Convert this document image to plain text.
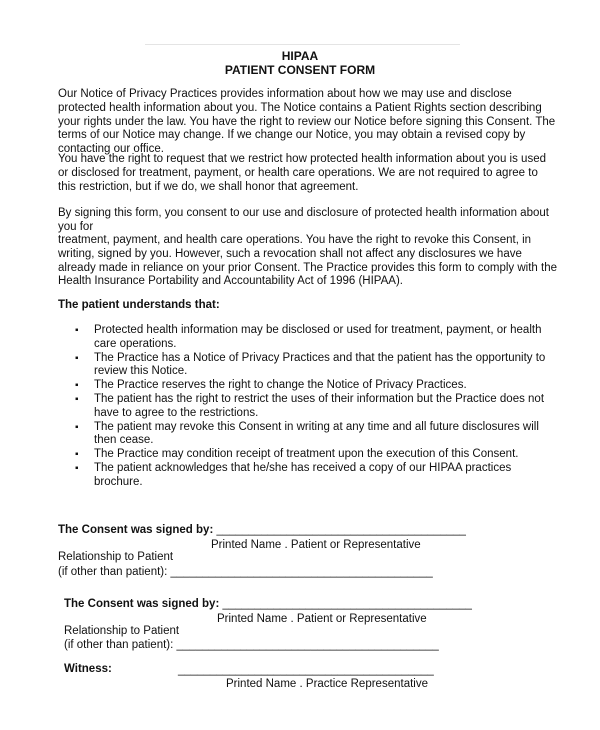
HIPAA
PATIENT CONSENT FORM

Our Notice of Privacy Practices provides information about how we may use and disclose protected health information about you. The Notice contains a Patient Rights section describing your rights under the law. You have the right to review our Notice before signing this Consent. The terms of our Notice may change. If we change our Notice, you may obtain a revised copy by contacting our office.

You have the right to request that we restrict how protected health information about you is used or disclosed for treatment, payment, or health care operations. We are not required to agree to this restriction, but if we do, we shall honor that agreement.

By signing this form, you consent to our use and disclosure of protected health information about you for

treatment, payment, and health care operations. You have the right to revoke this Consent, in writing, signed by you. However, such a revocation shall not affect any disclosures we have already made in reliance on your prior Consent. The Practice provides this form to comply with the Health Insurance Portability and Accountability Act of 1996 (HIPAA).

The patient understands that:
▪ Protected health information may be disclosed or used for treatment, payment, or health care operations.
▪ The Practice has a Notice of Privacy Practices and that the patient has the opportunity to review this Notice.
▪ The Practice reserves the right to change the Notice of Privacy Practices.
▪ The patient has the right to restrict the uses of their information but the Practice does not have to agree to the restrictions.
▪ The patient may revoke this Consent in writing at any time and all future disclosures will then cease.
▪ The Practice may condition receipt of treatment upon the execution of this Consent.
▪ The patient acknowledges that he/she has received a copy of our HIPAA practices brochure.
The Consent was signed by: _______________________________________
Printed Name . Patient or Representative
Relationship to Patient
(if other than patient): _________________________________________
The Consent was signed by: _______________________________________
Printed Name . Patient or Representative
Relationship to Patient
(if other than patient): _________________________________________
Witness:	________________________________________
Printed Name . Practice Representative
